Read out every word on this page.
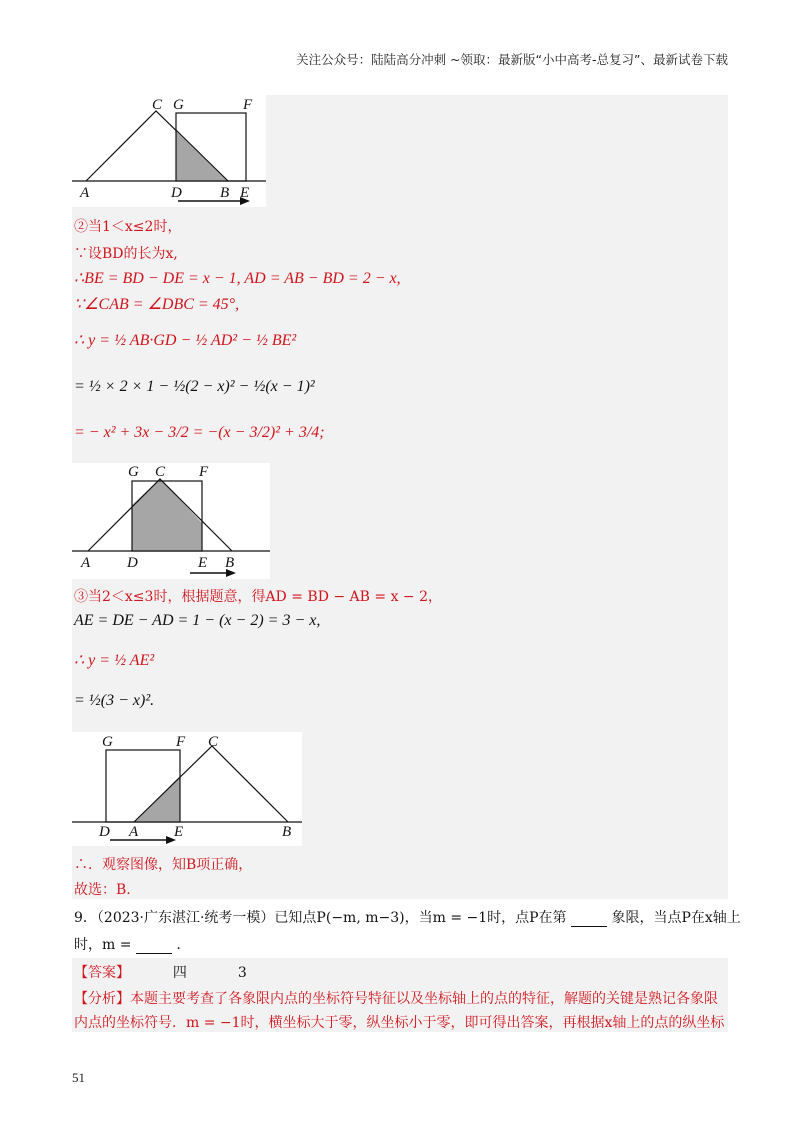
关注公众号：陆陆高分冲刺 ~领取：最新版“小中高考-总复习”、最新试卷下载
C G	F
A	D	B E
②当1＜x≤2时，
∵设BD的长为x,
∴BE = BD − DE = x − 1, AD = AB − BD = 2 − x,
∵∠CAB = ∠DBC = 45°,
∴ y = ½ AB·GD − ½ AD² − ½ BE²
= ½ × 2 × 1 − ½(2 − x)² − ½(x − 1)²
= − x² + 3x − 3/2 = −(x − 3/2)² + 3/4;
G C F
A D	E B
③当2＜x≤3时，根据题意，得AD = BD − AB = x − 2，
AE = DE − AD = 1 − (x − 2) = 3 − x,
∴ y = ½ AE²
= ½(3 − x)².
G	F C
D A E	B
∴．观察图像，知B项正确，
故选：B.
9．（2023·广东湛江·统考一模）已知点P(−m, m−3)，当m = −1时，点P在第	象限，当点P在x轴上
时，m =	.
【答案】	四	3
【分析】本题主要考查了各象限内点的坐标符号特征以及坐标轴上的点的特征，解题的关键是熟记各象限
内点的坐标符号．m = −1时，横坐标大于零，纵坐标小于零，即可得出答案，再根据x轴上的点的纵坐标
51
